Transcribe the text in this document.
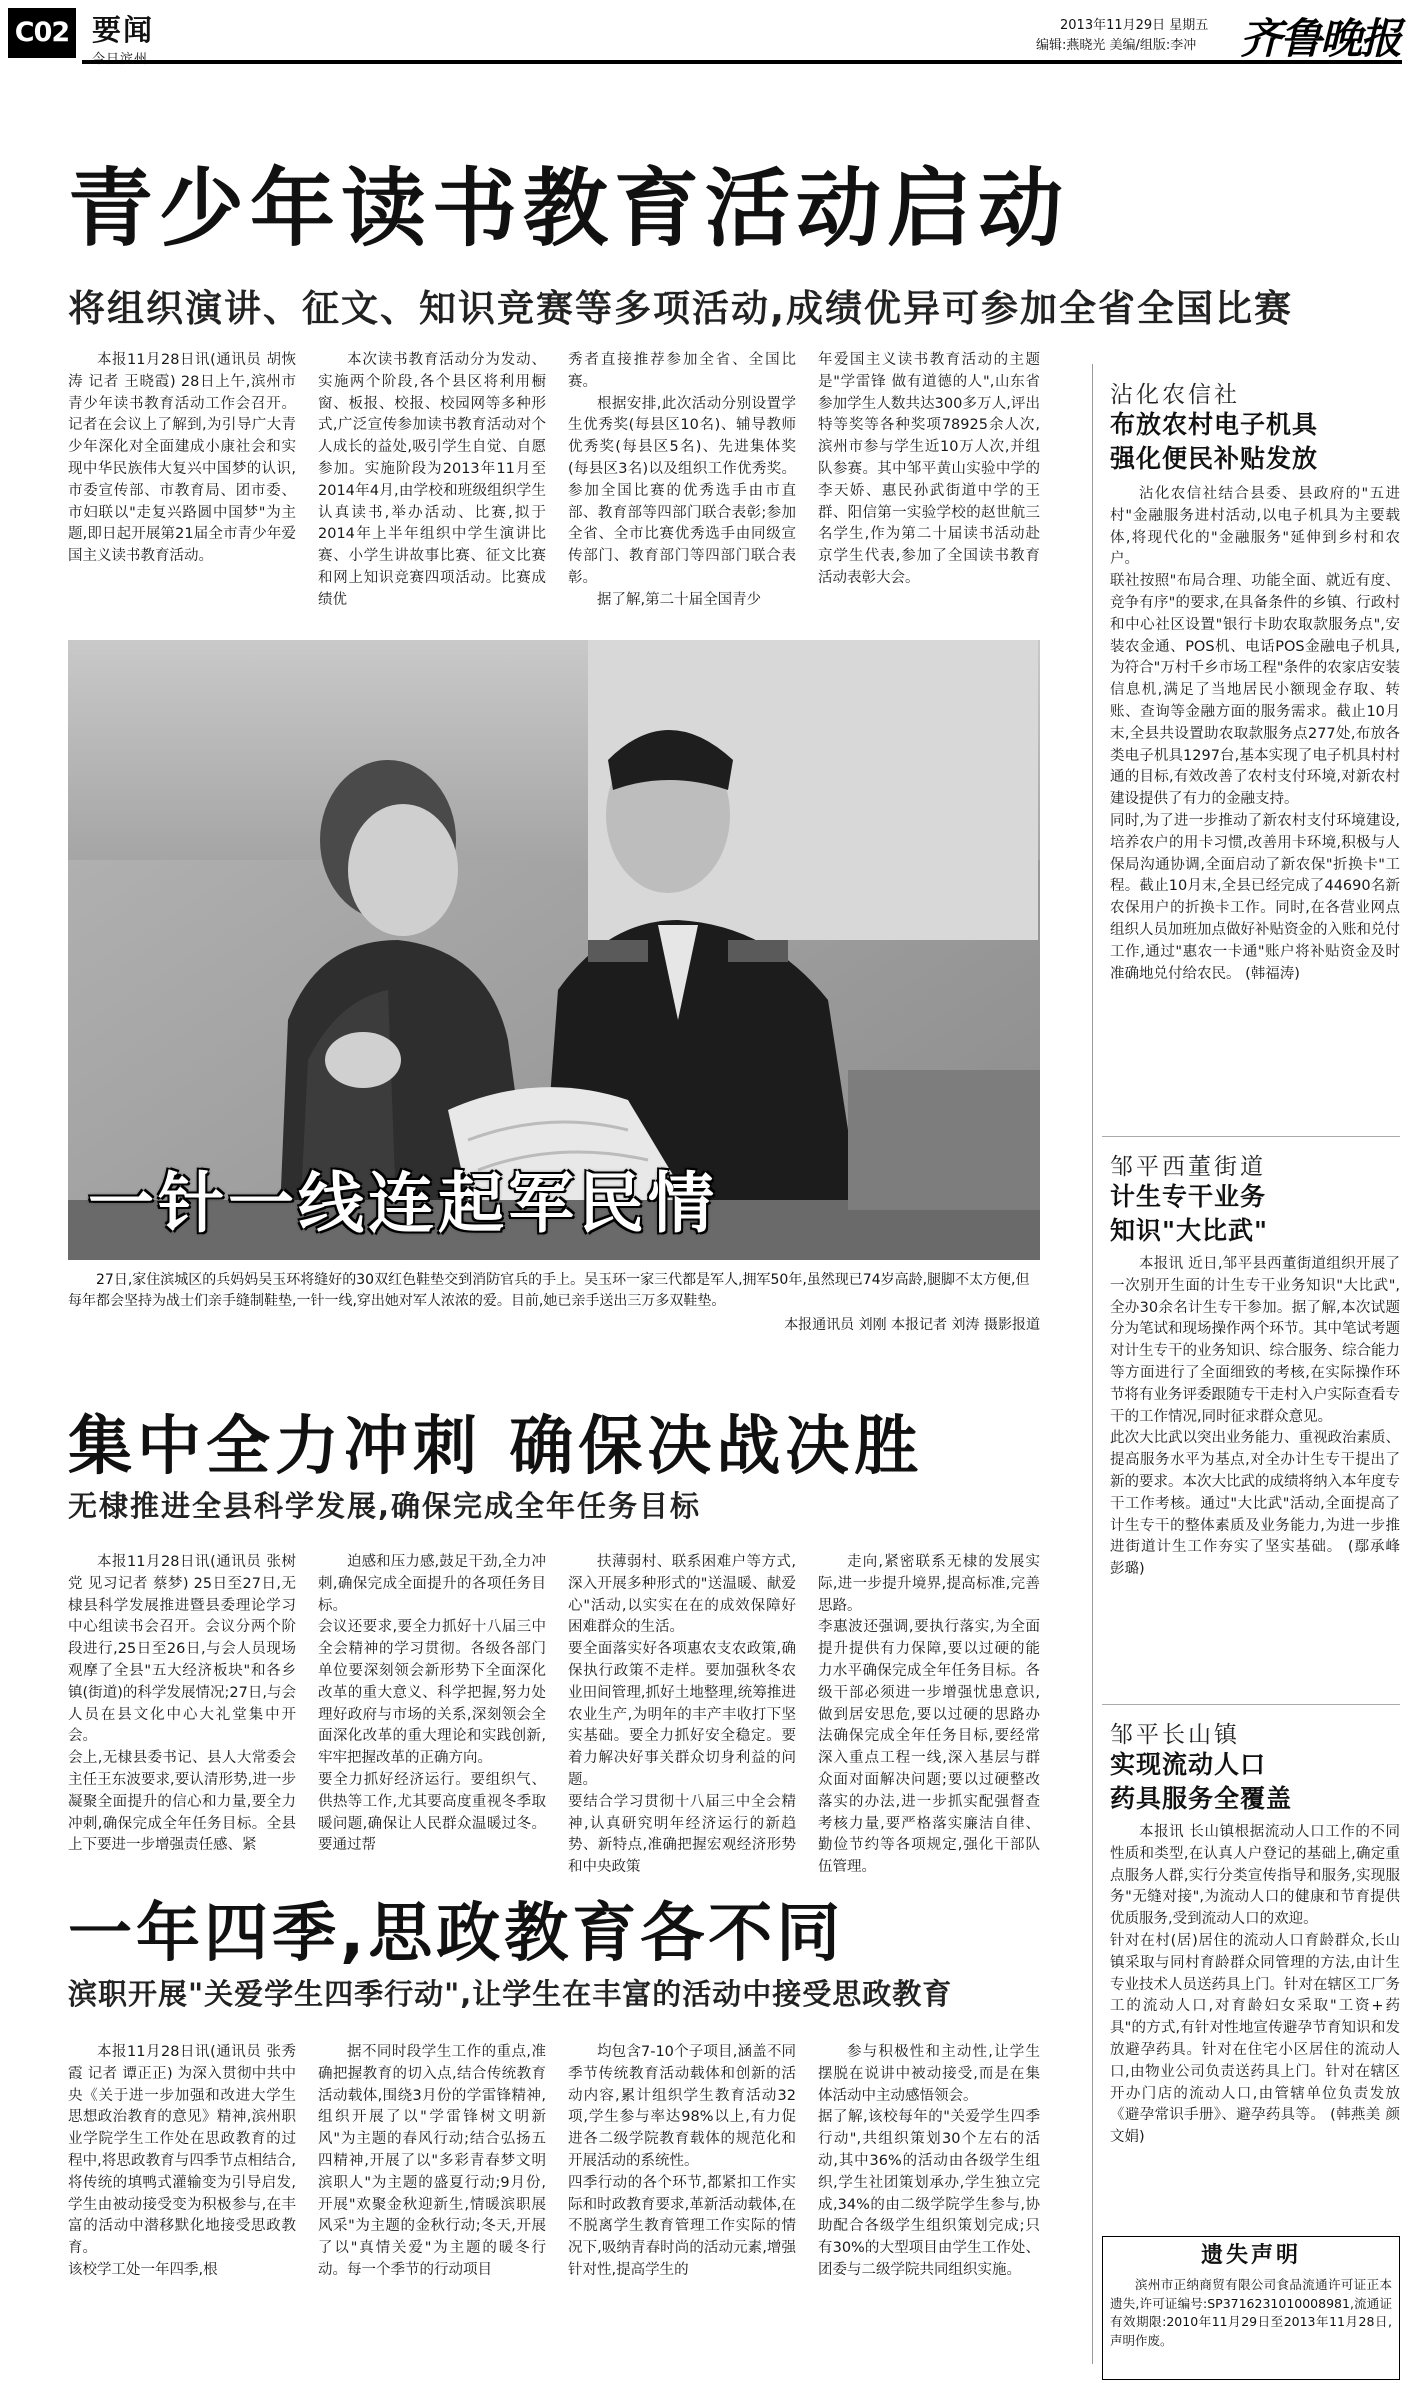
C02 要闻	2013年11月29日 星期五
编辑:燕晓光 美编/组版:李冲 齐鲁晚报
青少年读书教育活动启动
将组织演讲、征文、知识竞赛等多项活动,成绩优异可参加全省全国比赛

本报11月28日讯(通讯员 胡恢涛 记者 王晓霞) 28日上午,滨州市青少年读书教育活动工作会召开。记者在会议上了解到,为引导广大青少年深化对全面建成小康社会和实现中华民族伟大复兴中国梦的认识,市委宣传部、市教育局、团市委、市妇联以"走复兴路圆中国梦"为主题,即日起开展第21届全市青少年爱国主义读书教育活动。

本次读书教育活动分为发动、实施两个阶段,各个县区将利用橱窗、板报、校报、校园网等多种形式,广泛宣传参加读书教育活动对个人成长的益处,吸引学生自觉、自愿参加。实施阶段为2013年11月至2014年4月,由学校和班级组织学生认真读书,举办活动、比赛,拟于2014年上半年组织中学生演讲比赛、小学生讲故事比赛、征文比赛和网上知识竞赛四项活动。比赛成绩优

秀者直接推荐参加全省、全国比赛。

根据安排,此次活动分别设置学生优秀奖(每县区10名)、辅导教师优秀奖(每县区5名)、先进集体奖(每县区3名)以及组织工作优秀奖。参加全国比赛的优秀选手由市直部、教育部等四部门联合表彰;参加全省、全市比赛优秀选手由同级宣传部门、教育部门等四部门联合表彰。

据了解,第二十届全国青少

年爱国主义读书教育活动的主题是"学雷锋 做有道德的人",山东省参加学生人数共达300多万人,评出特等奖等各种奖项78925余人次,滨州市参与学生近10万人次,并组队参赛。其中邹平黄山实验中学的李天娇、惠民孙武街道中学的王群、阳信第一实验学校的赵世航三名学生,作为第二十届读书活动赴京学生代表,参加了全国读书教育活动表彰大会。

一针一线连起军民情
27日,家住滨城区的兵妈妈吴玉环将缝好的30双红色鞋垫交到消防官兵的手上。吴玉环一家三代都是军人,拥军50年,虽然现已74岁高龄,腿脚不太方便,但每年都会坚持为战士们亲手缝制鞋垫,一针一线,穿出她对军人浓浓的爱。目前,她已亲手送出三万多双鞋垫。
本报通讯员 刘刚 本报记者 刘涛 摄影报道
集中全力冲刺 确保决战决胜
无棣推进全县科学发展,确保完成全年任务目标
本报11月28日讯(通讯员 张树党 见习记者 蔡梦) 25日至27日,无棣县科学发展推进暨县委理论学习中心组读书会召开。会议分两个阶段进行,25日至26日,与会人员现场观摩了全县"五大经济板块"和各乡镇(街道)的科学发展情况;27日,与会人员在县文化中心大礼堂集中开会。
会上,无棣县委书记、县人大常委会主任王东波要求,要认清形势,进一步凝聚全面提升的信心和力量,要全力冲刺,确保完成全年任务目标。全县上下要进一步增强责任感、紧
迫感和压力感,鼓足干劲,全力冲刺,确保完成全面提升的各项任务目标。
会议还要求,要全力抓好十八届三中全会精神的学习贯彻。各级各部门单位要深刻领会新形势下全面深化改革的重大意义、科学把握,努力处理好政府与市场的关系,深刻领会全面深化改革的重大理论和实践创新,牢牢把握改革的正确方向。
要全力抓好经济运行。要组织气、供热等工作,尤其要高度重视冬季取暖问题,确保让人民群众温暖过冬。要通过帮
扶薄弱村、联系困难户等方式,深入开展多种形式的"送温暖、献爱心"活动,以实实在在的成效保障好困难群众的生活。
要全面落实好各项惠农支农政策,确保执行政策不走样。要加强秋冬农业田间管理,抓好土地整理,统筹推进农业生产,为明年的丰产丰收打下坚实基础。要全力抓好安全稳定。要着力解决好事关群众切身利益的问题。
要结合学习贯彻十八届三中全会精神,认真研究明年经济运行的新趋势、新特点,准确把握宏观经济形势和中央政策
走向,紧密联系无棣的发展实际,进一步提升境界,提高标准,完善思路。
李惠波还强调,要执行落实,为全面提升提供有力保障,要以过硬的能力水平确保完成全年任务目标。各级干部必须进一步增强忧患意识,做到居安思危,要以过硬的思路办法确保完成全年任务目标,要经常深入重点工程一线,深入基层与群众面对面解决问题;要以过硬整改落实的办法,进一步抓实配强督查考核力量,要严格落实廉洁自律、勤俭节约等各项规定,强化干部队伍管理。
一年四季,思政教育各不同
滨职开展"关爱学生四季行动",让学生在丰富的活动中接受思政教育
本报11月28日讯(通讯员 张秀霞 记者 谭正正) 为深入贯彻中共中央《关于进一步加强和改进大学生思想政治教育的意见》精神,滨州职业学院学生工作处在思政教育的过程中,将思政教育与四季节点相结合,将传统的填鸭式灌输变为引导启发,学生由被动接受变为积极参与,在丰富的活动中潜移默化地接受思政教育。
该校学工处一年四季,根
据不同时段学生工作的重点,准确把握教育的切入点,结合传统教育活动载体,围绕3月份的学雷锋精神,组织开展了以"学雷锋树文明新风"为主题的春风行动;结合弘扬五四精神,开展了以"多彩青春梦文明滨职人"为主题的盛夏行动;9月份,开展"欢聚金秋迎新生,情暖滨职展风采"为主题的金秋行动;冬天,开展了以"真情关爱"为主题的暖冬行动。每一个季节的行动项目
均包含7-10个子项目,涵盖不同季节传统教育活动载体和创新的活动内容,累计组织学生教育活动32项,学生参与率达98%以上,有力促进各二级学院教育载体的规范化和开展活动的系统性。
四季行动的各个环节,都紧扣工作实际和时政教育要求,革新活动载体,在不脱离学生教育管理工作实际的情况下,吸纳青春时尚的活动元素,增强针对性,提高学生的
参与积极性和主动性,让学生摆脱在说讲中被动接受,而是在集体活动中主动感悟领会。
据了解,该校每年的"关爱学生四季行动",共组织策划30个左右的活动,其中36%的活动由各级学生组织,学生社团策划承办,学生独立完成,34%的由二级学院学生参与,协助配合各级学生组织策划完成;只有30%的大型项目由学生工作处、团委与二级学院共同组织实施。
沾化农信社
布放农村电子机具
强化便民补贴发放
沾化农信社结合县委、县政府的"五进村"金融服务进村活动,以电子机具为主要载体,将现代化的"金融服务"延伸到乡村和农户。
联社按照"布局合理、功能全面、就近有度、竞争有序"的要求,在具备条件的乡镇、行政村和中心社区设置"银行卡助农取款服务点",安装农金通、POS机、电话POS金融电子机具,为符合"万村千乡市场工程"条件的农家店安装信息机,满足了当地居民小额现金存取、转账、查询等金融方面的服务需求。截止10月末,全县共设置助农取款服务点277处,布放各类电子机具1297台,基本实现了电子机具村村通的目标,有效改善了农村支付环境,对新农村建设提供了有力的金融支持。
同时,为了进一步推动了新农村支付环境建设,培养农户的用卡习惯,改善用卡环境,积极与人保局沟通协调,全面启动了新农保"折换卡"工程。截止10月末,全县已经完成了44690名新农保用户的折换卡工作。同时,在各营业网点组织人员加班加点做好补贴资金的入账和兑付工作,通过"惠农一卡通"账户将补贴资金及时准确地兑付给农民。 (韩福涛)
邹平西董街道
计生专干业务
知识"大比武"
本报讯 近日,邹平县西董街道组织开展了一次别开生面的计生专干业务知识"大比武",全办30余名计生专干参加。据了解,本次试题分为笔试和现场操作两个环节。其中笔试考题对计生专干的业务知识、综合服务、综合能力等方面进行了全面细致的考核,在实际操作环节将有业务评委跟随专干走村入户实际查看专干的工作情况,同时征求群众意见。
此次大比武以突出业务能力、重视政治素质、提高服务水平为基点,对全办计生专干提出了新的要求。本次大比武的成绩将纳入本年度专干工作考核。通过"大比武"活动,全面提高了计生专干的整体素质及业务能力,为进一步推进街道计生工作夯实了坚实基础。 (鄢承峰 彭璐)
邹平长山镇
实现流动人口
药具服务全覆盖
本报讯 长山镇根据流动人口工作的不同性质和类型,在认真人户登记的基础上,确定重点服务人群,实行分类宣传指导和服务,实现服务"无缝对接",为流动人口的健康和节育提供优质服务,受到流动人口的欢迎。
针对在村(居)居住的流动人口育龄群众,长山镇采取与同村育龄群众同管理的方法,由计生专业技术人员送药具上门。针对在辖区工厂务工的流动人口,对育龄妇女采取"工资+药具"的方式,有针对性地宣传避孕节育知识和发放避孕药具。针对在住宅小区居住的流动人口,由物业公司负责送药具上门。针对在辖区开办门店的流动人口,由管辖单位负责发放《避孕常识手册》、避孕药具等。 (韩燕美 颜文娟)
遗失声明
滨州市正纳商贸有限公司食品流通许可证正本遗失,许可证编号:SP3716231010008981,流通证有效期限:2010年11月29日至2013年11月28日,声明作废。
